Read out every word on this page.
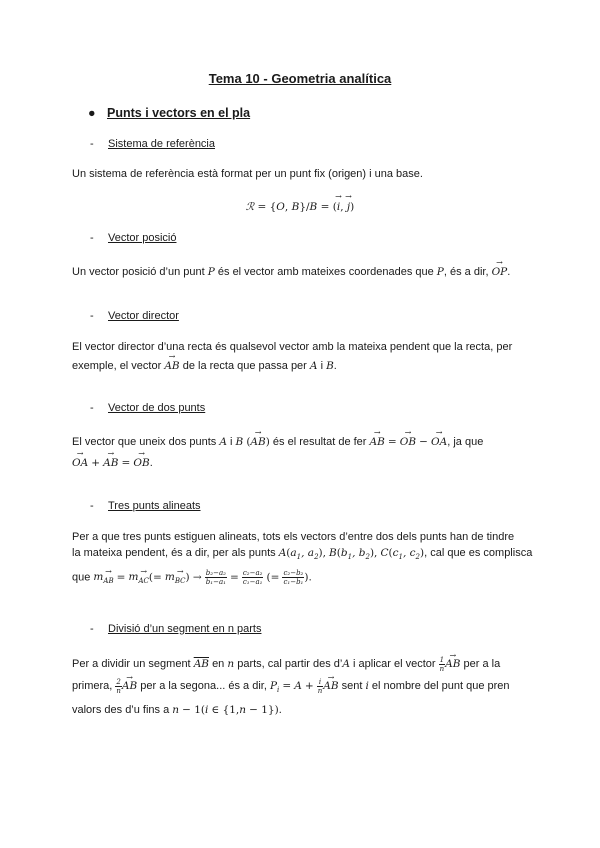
Tema 10 - Geometria analítica
● Punts i vectors en el pla
- Sistema de referència
Un sistema de referència està format per un punt fix (origen) i una base.
ℛ = {O, B}/B = (→ i, → j)
- Vector posició
Un vector posició d’un punt P és el vector amb mateixes coordenades que P, és a dir, → OP.
- Vector director
El vector director d’una recta és qualsevol vector amb la mateixa pendent que la recta, per
exemple, el vector → AB de la recta que passa per A i B.
- Vector de dos punts
El vector que uneix dos punts A i B (→ AB) és el resultat de fer → AB = → OB − → OA, ja que
→ OA + → AB = → OB.
- Tres punts alineats
Per a que tres punts estiguen alineats, tots els vectors d’entre dos dels punts han de tindre
la mateixa pendent, és a dir, per als punts $A(a_1$, $a_2$), $B(b_1$, $b_2$), $C(c_1$, $c_2$), cal que es complisca
que $m\to _{AB} = m\to _{AC}(= m\to _{BC}) \to \frac{\text{b₂−a₂}}{\text{b₁−a₁}} = \frac{\text{c₂−a₂}}{\text{c₁−a₁}}$ (= $\frac{\text{c₂−b₂}}{\text{c₁−b₁}}$ ).
- Divisió d’un segment en n parts
Per a dividir un segment $\overline{AB}$ en n parts, cal partir des d’A i aplicar el vector $\frac{1}{n}$ → AB per a la
primera, $\frac{2}{n}$ → AB per a la segona... és a dir, $P_i = A + \frac{i}{n}$ → AB sent i el nombre del punt que pren
valors des d’u fins a n − 1(i ∈ {1,n − 1}).
